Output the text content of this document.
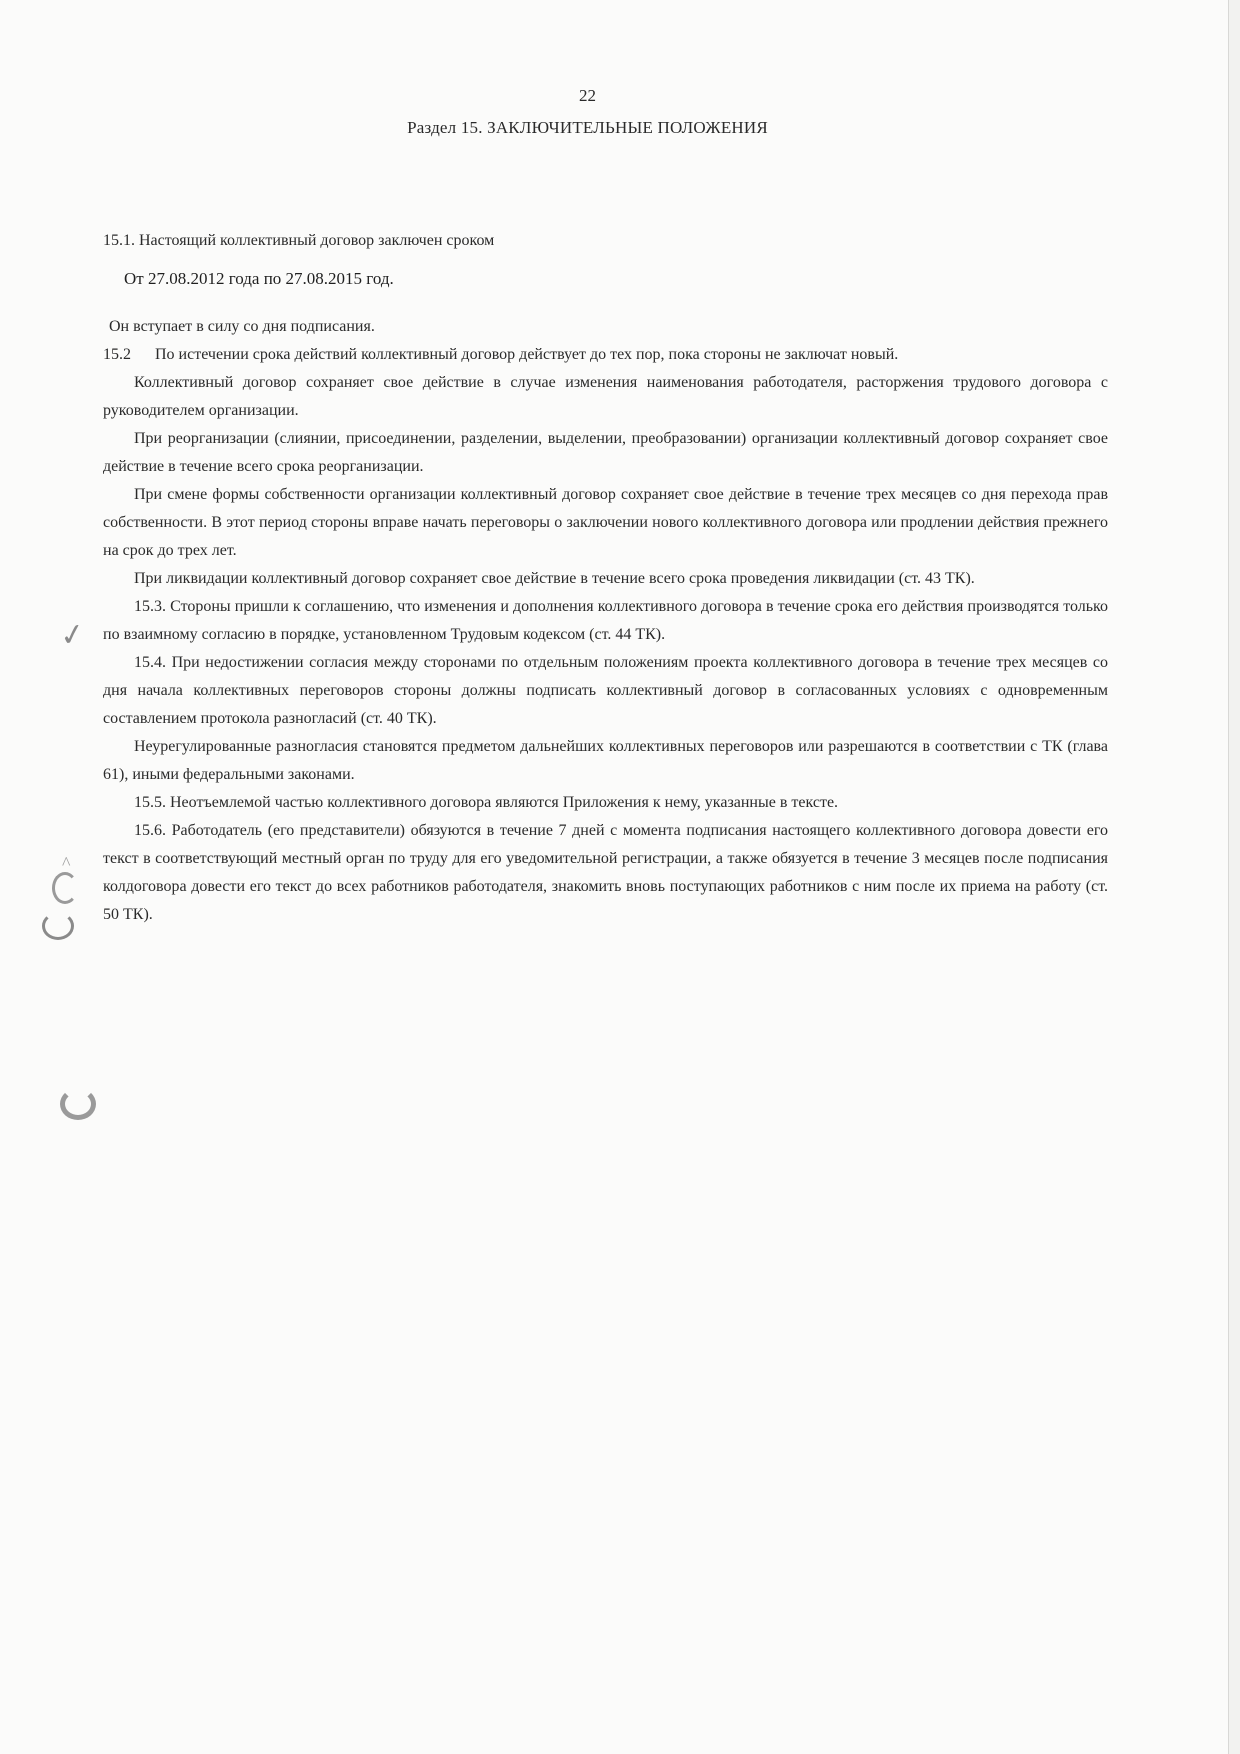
22
Раздел 15. ЗАКЛЮЧИТЕЛЬНЫЕ ПОЛОЖЕНИЯ
15.1. Настоящий коллективный договор заключен сроком
От 27.08.2012 года по 27.08.2015 год.

Он вступает в силу со дня подписания.

15.2      По истечении срока действий коллективный договор действует до тех пор, пока стороны не заключат новый.

Коллективный договор сохраняет свое действие в случае изменения наименования работодателя, расторжения трудового договора с руководителем организации.

При реорганизации (слиянии, присоединении, разделении, выделении, преобразовании) организации коллективный договор сохраняет свое действие в течение всего срока реорганизации.

При смене формы собственности организации коллективный договор сохраняет свое действие в течение трех месяцев со дня перехода прав собственности. В этот период стороны вправе начать переговоры о заключении нового коллективного договора или продлении действия прежнего на срок до трех лет.

При ликвидации коллективный договор сохраняет свое действие в течение всего срока проведения ликвидации (ст. 43 ТК).

15.3. Стороны пришли к соглашению, что изменения и дополнения коллективного договора в течение срока его действия производятся только по взаимному согласию в порядке, установленном Трудовым кодексом (ст. 44 ТК).

15.4. При недостижении согласия между сторонами по отдельным положениям проекта коллективного договора в течение трех месяцев со дня начала коллективных переговоров стороны должны подписать коллективный договор в согласованных условиях с одновременным составлением протокола разногласий (ст. 40 ТК).

Неурегулированные разногласия становятся предметом дальнейших коллективных переговоров или разрешаются в соответствии с ТК (глава 61), иными федеральными законами.

15.5. Неотъемлемой частью коллективного договора являются Приложения к нему, указанные в тексте.

15.6. Работодатель (его представители) обязуются в течение 7 дней с момента подписания настоящего коллективного договора довести его текст в соответствующий местный орган по труду для его уведомительной регистрации, а также обязуется в течение 3 месяцев после подписания колдоговора довести его текст до всех работников работодателя, знакомить вновь поступающих работников с ним после их приема на работу (ст. 50 ТК).

✓
^
